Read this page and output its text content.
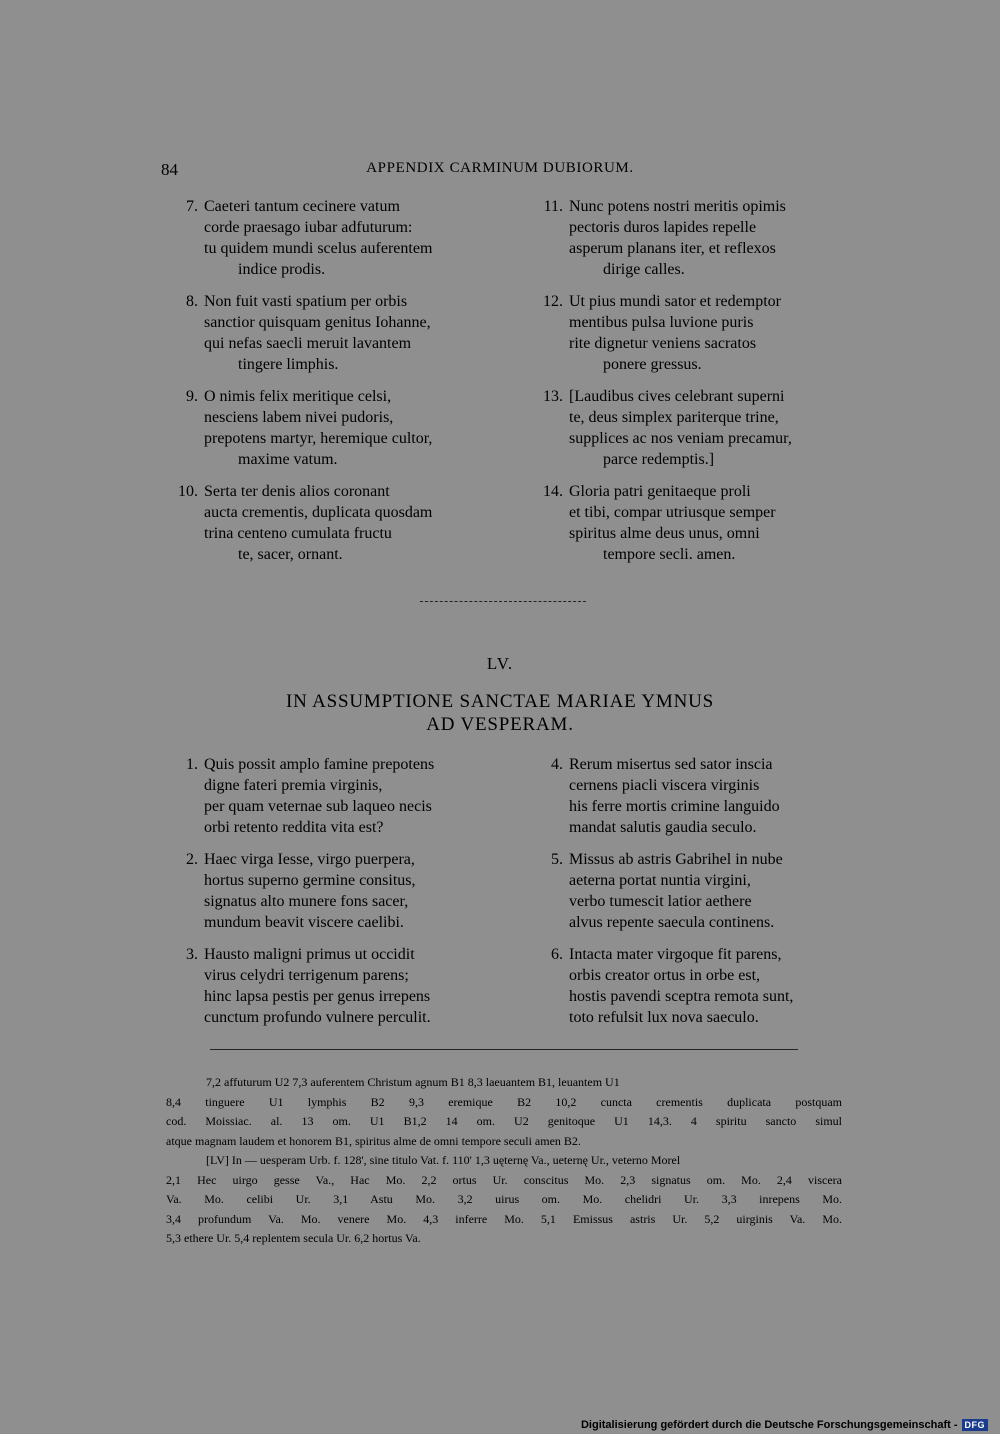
84	APPENDIX CARMINUM DUBIORUM.
7. Caeteri tantum cecinere vatum
corde praesago iubar adfuturum:
tu quidem mundi scelus auferentem
indice prodis.
11. Nunc potens nostri meritis opimis
pectoris duros lapides repelle
asperum planans iter, et reflexos
dirige calles.
8. Non fuit vasti spatium per orbis
sanctior quisquam genitus Iohanne,
qui nefas saecli meruit lavantem
tingere limphis.
12. Ut pius mundi sator et redemptor
mentibus pulsa luvione puris
rite dignetur veniens sacratos
ponere gressus.
9. O nimis felix meritique celsi,
nesciens labem nivei pudoris,
prepotens martyr, heremique cultor,
maxime vatum.
13. [Laudibus cives celebrant superni
te, deus simplex pariterque trine,
supplices ac nos veniam precamur,
parce redemptis.]
10. Serta ter denis alios coronant
aucta crementis, duplicata quosdam
trina centeno cumulata fructu
te, sacer, ornant.
14. Gloria patri genitaeque proli
et tibi, compar utriusque semper
spiritus alme deus unus, omni
tempore secli. amen.
LV.
IN ASSUMPTIONE SANCTAE MARIAE YMNUS
AD VESPERAM.
1. Quis possit amplo famine prepotens
digne fateri premia virginis,
per quam veternae sub laqueo necis
orbi retento reddita vita est?
4. Rerum misertus sed sator inscia
cernens piacli viscera virginis
his ferre mortis crimine languido
mandat salutis gaudia seculo.
2. Haec virga Iesse, virgo puerpera,
hortus superno germine consitus,
signatus alto munere fons sacer,
mundum beavit viscere caelibi.
5. Missus ab astris Gabrihel in nube
aeterna portat nuntia virgini,
verbo tumescit latior aethere
alvus repente saecula continens.
3. Hausto maligni primus ut occidit
virus celydri terrigenum parens;
hinc lapsa pestis per genus irrepens
cunctum profundo vulnere perculit.
6. Intacta mater virgoque fit parens,
orbis creator ortus in orbe est,
hostis pavendi sceptra remota sunt,
toto refulsit lux nova saeculo.
7,2 affuturum U2 7,3 auferentem Christum agnum B1 8,3 laeuantem B1, leuantem U1
8,4 tinguere U1 lymphis B2 9,3 eremique B2 10,2 cuncta crementis duplicata postquam
cod. Moissiac. al. 13 om. U1 B1,2 14 om. U2 genitoque U1 14,3. 4 spiritu sancto simul
atque magnam laudem et honorem B1, spiritus alme de omni tempore seculi amen B2.
[LV] In — uesperam Urb. f. 128', sine titulo Vat. f. 110' 1,3 uęternę Va., ueternę Ur., veterno Morel
2,1 Hec uirgo gesse Va., Hac Mo. 2,2 ortus Ur. conscitus Mo. 2,3 signatus om. Mo. 2,4 viscera
Va. Mo. celibi Ur. 3,1 Astu Mo. 3,2 uirus om. Mo. chelidri Ur. 3,3 inrepens Mo.
3,4 profundum Va. Mo. venere Mo. 4,3 inferre Mo. 5,1 Emissus astris Ur. 5,2 uirginis Va. Mo.
5,3 ethere Ur. 5,4 replentem secula Ur. 6,2 hortus Va.
Digitalisierung gefördert durch die Deutsche Forschungsgemeinschaft - DFG
